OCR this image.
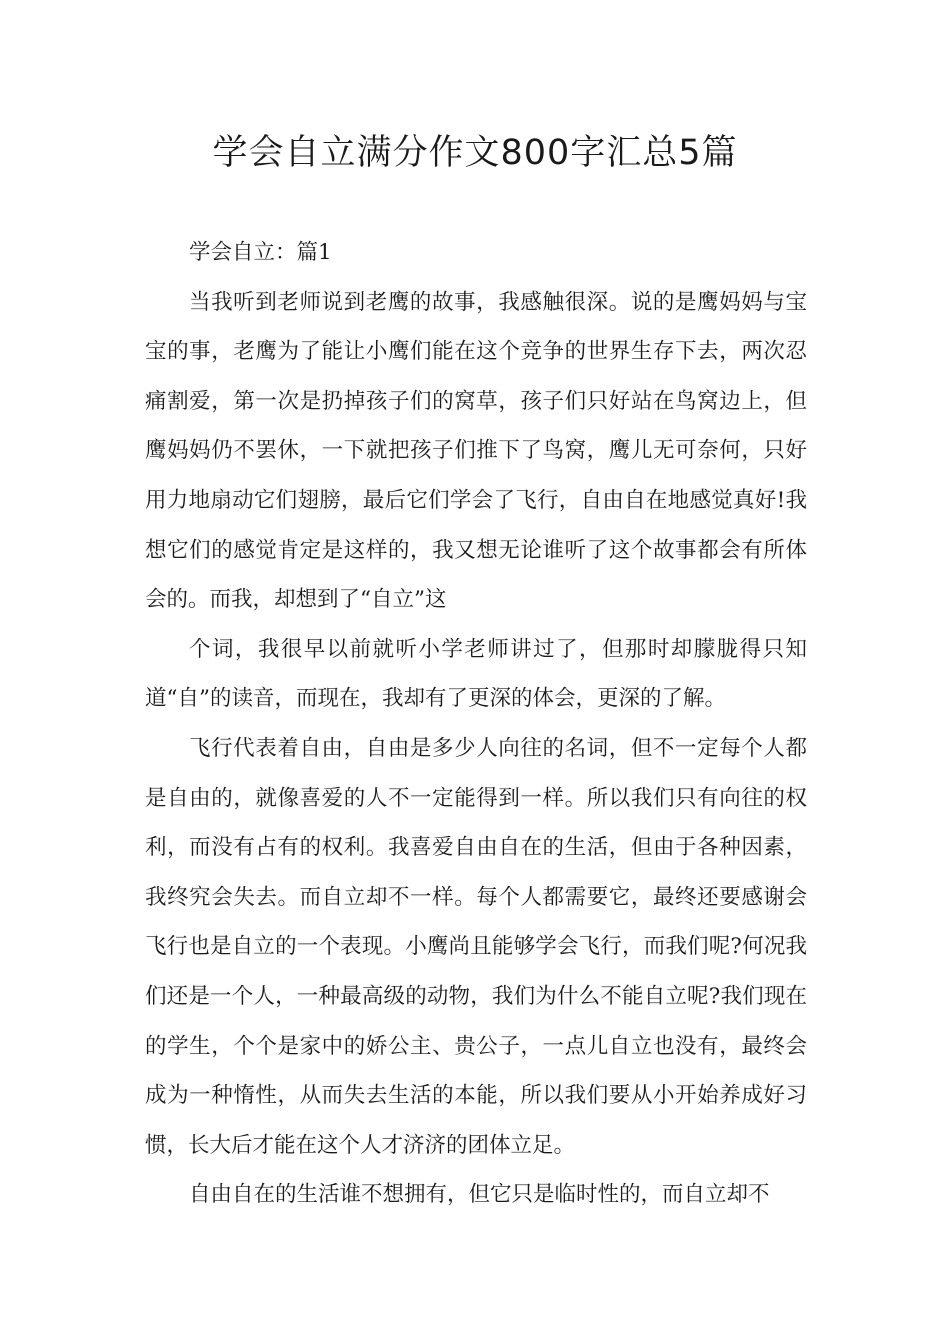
学会自立满分作文800字汇总5篇

学会自立：篇1

当我听到老师说到老鹰的故事，我感触很深。说的是鹰妈妈与宝宝的事，老鹰为了能让小鹰们能在这个竞争的世界生存下去，两次忍痛割爱，第一次是扔掉孩子们的窝草，孩子们只好站在鸟窝边上，但鹰妈妈仍不罢休，一下就把孩子们推下了鸟窝，鹰儿无可奈何，只好用力地扇动它们翅膀，最后它们学会了飞行，自由自在地感觉真好!我想它们的感觉肯定是这样的，我又想无论谁听了这个故事都会有所体会的。而我，却想到了“自立”这

个词，我很早以前就听小学老师讲过了，但那时却朦胧得只知道“自”的读音，而现在，我却有了更深的体会，更深的了解。

飞行代表着自由，自由是多少人向往的名词，但不一定每个人都是自由的，就像喜爱的人不一定能得到一样。所以我们只有向往的权利，而没有占有的权利。我喜爱自由自在的生活，但由于各种因素，我终究会失去。而自立却不一样。每个人都需要它，最终还要感谢会飞行也是自立的一个表现。小鹰尚且能够学会飞行，而我们呢?何况我们还是一个人，一种最高级的动物，我们为什么不能自立呢?我们现在的学生，个个是家中的娇公主、贵公子，一点儿自立也没有，最终会成为一种惰性，从而失去生活的本能，所以我们要从小开始养成好习惯，长大后才能在这个人才济济的团体立足。

自由自在的生活谁不想拥有，但它只是临时性的，而自立却不
